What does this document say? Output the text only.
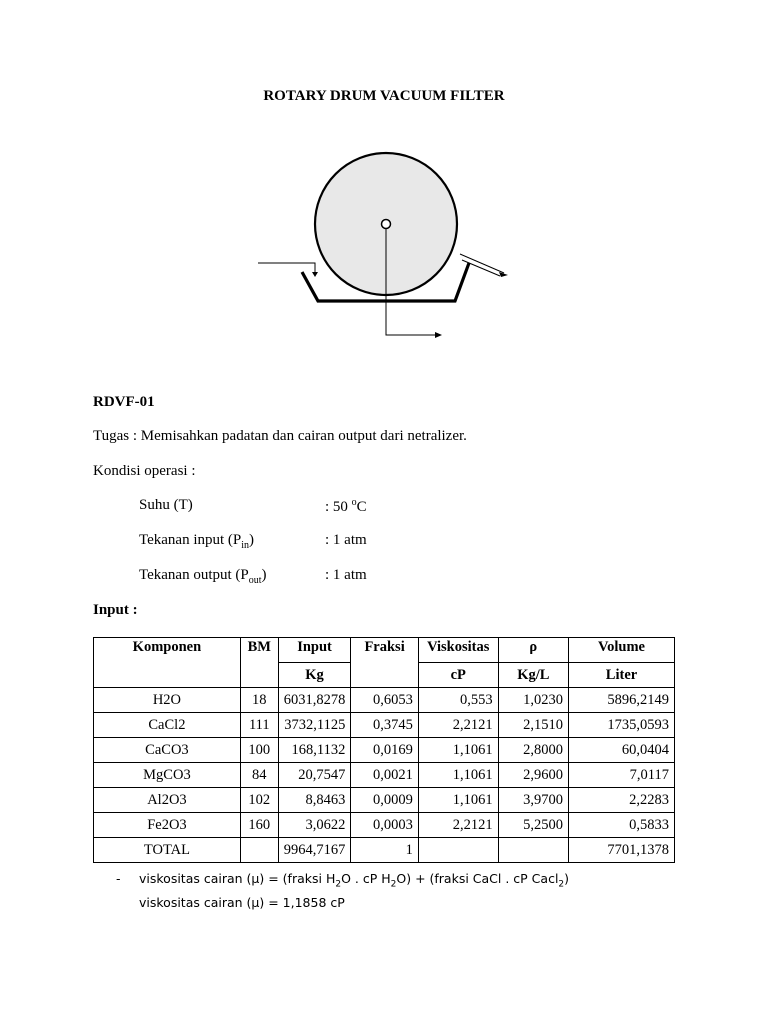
ROTARY DRUM VACUUM FILTER
RDVF-01
Tugas : Memisahkan padatan dan cairan output dari netralizer.
Kondisi operasi :
Suhu (T)	: 50 $^o$C
Tekanan input $(P_{in})$	: 1 atm
Tekanan output $(P_{out})$	: 1 atm
Input :
Komponen	BM	Input	Fraksi	Viskositas	ρ	Volume
		Kg		cP	Kg/L	Liter
H2O	18	6031,8278	0,6053	0,553	1,0230	5896,2149
CaCl2	111	3732,1125	0,3745	2,2121	2,1510	1735,0593
CaCO3	100	168,1132	0,0169	1,1061	2,8000	60,0404
MgCO3	84	20,7547	0,0021	1,1061	2,9600	7,0117
Al2O3	102	8,8463	0,0009	1,1061	3,9700	2,2283
Fe2O3	160	3,0622	0,0003	2,2121	5,2500	0,5833
TOTAL		9964,7167	1			7701,1378
- viskositas cairan (μ) = (fraksi $H_2O$ . cP $H_2O$) + (fraksi CaCl . cP Cacl$_2$)
viskositas cairan (μ) = 1,1858 cP
